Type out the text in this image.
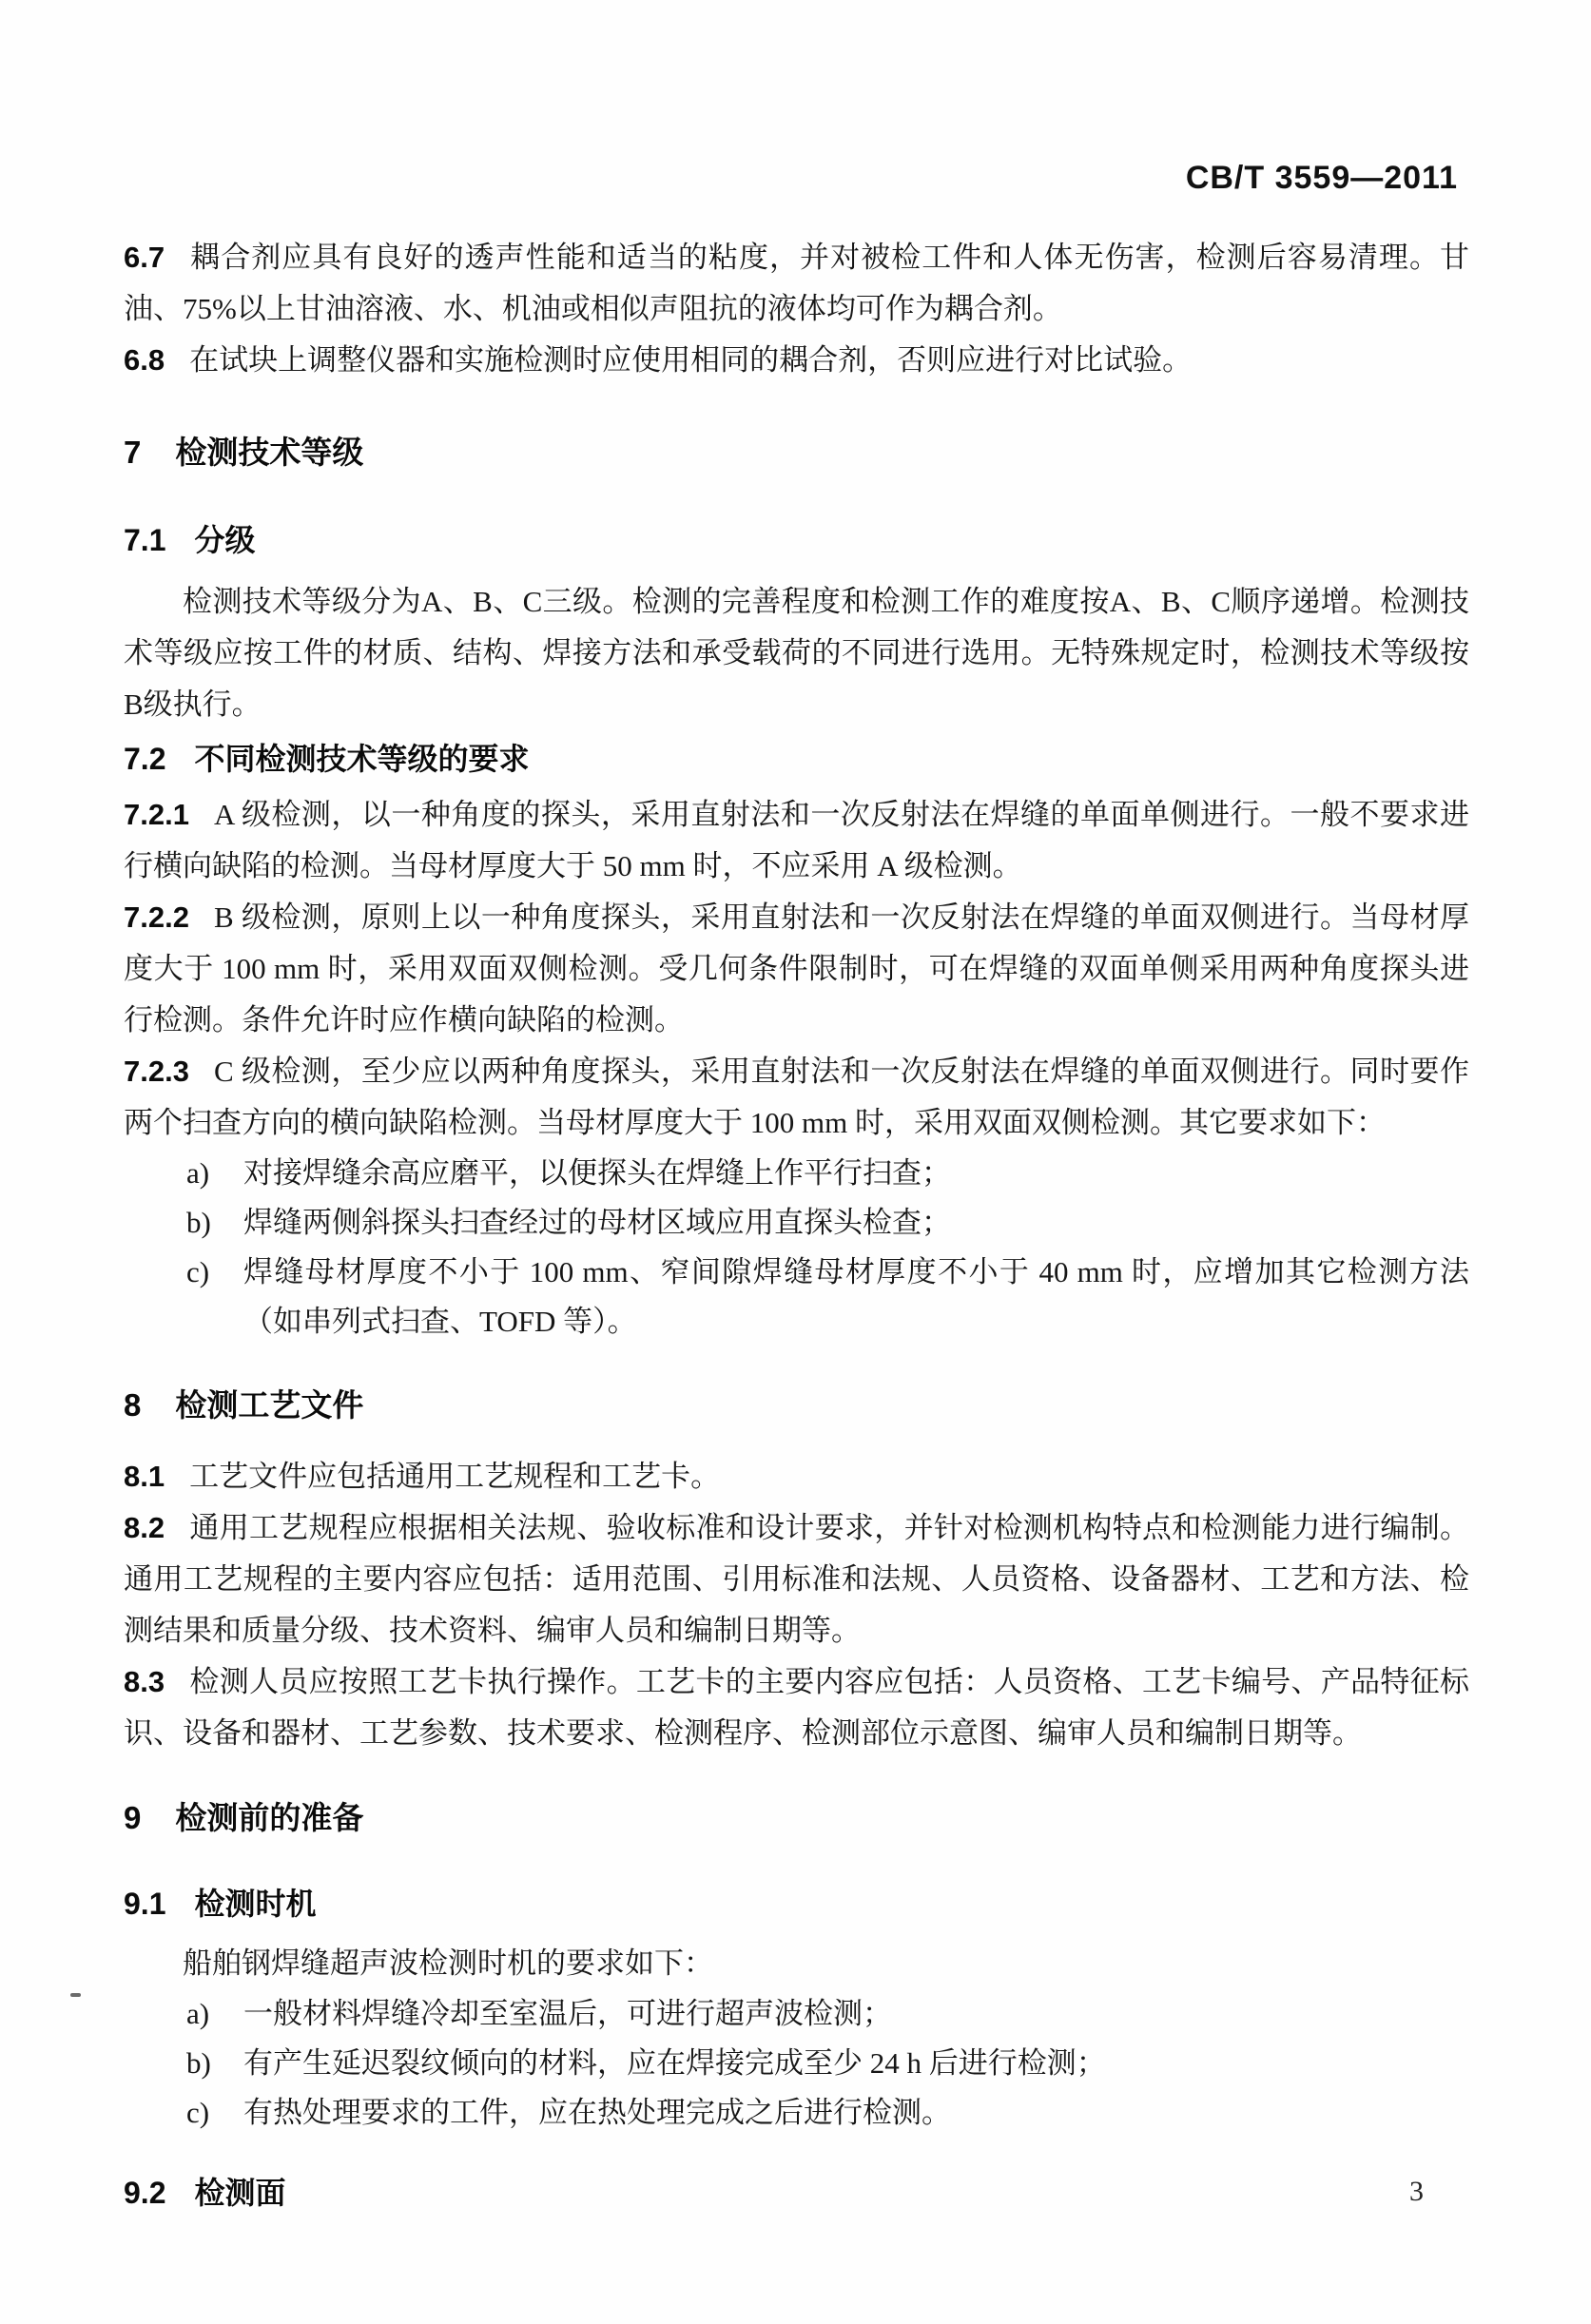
CB/T 3559—2011

6.7 耦合剂应具有良好的透声性能和适当的粘度，并对被检工件和人体无伤害，检测后容易清理。甘油、75%以上甘油溶液、水、机油或相似声阻抗的液体均可作为耦合剂。

6.8 在试块上调整仪器和实施检测时应使用相同的耦合剂，否则应进行对比试验。

7 检测技术等级

7.1 分级

检测技术等级分为A、B、C三级。检测的完善程度和检测工作的难度按A、B、C顺序递增。检测技术等级应按工件的材质、结构、焊接方法和承受载荷的不同进行选用。无特殊规定时，检测技术等级按B级执行。

7.2 不同检测技术等级的要求

7.2.1 A 级检测，以一种角度的探头，采用直射法和一次反射法在焊缝的单面单侧进行。一般不要求进行横向缺陷的检测。当母材厚度大于 50 mm 时，不应采用 A 级检测。

7.2.2 B 级检测，原则上以一种角度探头，采用直射法和一次反射法在焊缝的单面双侧进行。当母材厚度大于 100 mm 时，采用双面双侧检测。受几何条件限制时，可在焊缝的双面单侧采用两种角度探头进行检测。条件允许时应作横向缺陷的检测。

7.2.3 C 级检测，至少应以两种角度探头，采用直射法和一次反射法在焊缝的单面双侧进行。同时要作两个扫查方向的横向缺陷检测。当母材厚度大于 100 mm 时，采用双面双侧检测。其它要求如下：

a)	对接焊缝余高应磨平，以便探头在焊缝上作平行扫查；
b)	焊缝两侧斜探头扫查经过的母材区域应用直探头检查；
c)	焊缝母材厚度不小于 100 mm、窄间隙焊缝母材厚度不小于 40 mm 时，应增加其它检测方法（如串列式扫查、TOFD 等）。

8 检测工艺文件

8.1 工艺文件应包括通用工艺规程和工艺卡。

8.2 通用工艺规程应根据相关法规、验收标准和设计要求，并针对检测机构特点和检测能力进行编制。通用工艺规程的主要内容应包括：适用范围、引用标准和法规、人员资格、设备器材、工艺和方法、检测结果和质量分级、技术资料、编审人员和编制日期等。

8.3 检测人员应按照工艺卡执行操作。工艺卡的主要内容应包括：人员资格、工艺卡编号、产品特征标识、设备和器材、工艺参数、技术要求、检测程序、检测部位示意图、编审人员和编制日期等。

9 检测前的准备

9.1 检测时机

船舶钢焊缝超声波检测时机的要求如下：

a)	一般材料焊缝冷却至室温后，可进行超声波检测；
b)	有产生延迟裂纹倾向的材料，应在焊接完成至少 24 h 后进行检测；
c)	有热处理要求的工件，应在热处理完成之后进行检测。

9.2 检测面	3
